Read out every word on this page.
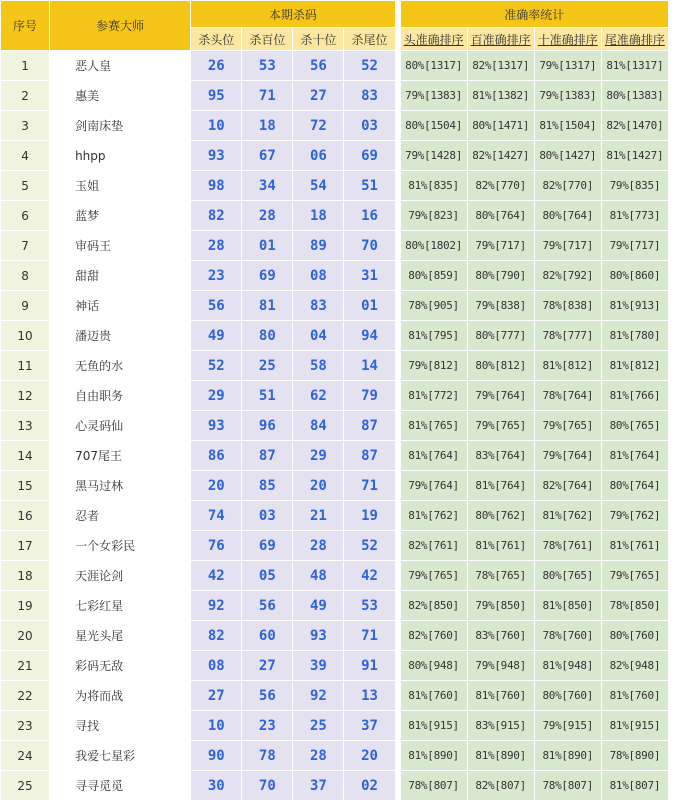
序号	参赛大师	本期杀码					准确率统计				
		杀头位	杀百位	杀十位	杀尾位		头准确排序	百准确排序	十准确排序	尾准确排序	
1	恶人皇	26	53	56	52		80%[1317]	82%[1317]	79%[1317]	81%[1317]	
2	惠美	95	71	27	83		79%[1383]	81%[1382]	79%[1383]	80%[1383]	
3	剑南床垫	10	18	72	03		80%[1504]	80%[1471]	81%[1504]	82%[1470]	
4	hhpp	93	67	06	69		79%[1428]	82%[1427]	80%[1427]	81%[1427]	
5	玉姐	98	34	54	51		81%[835]	82%[770]	82%[770]	79%[835]	
6	蓝梦	82	28	18	16		79%[823]	80%[764]	80%[764]	81%[773]	
7	审码王	28	01	89	70		80%[1802]	79%[717]	79%[717]	79%[717]	
8	甜甜	23	69	08	31		80%[859]	80%[790]	82%[792]	80%[860]	
9	神话	56	81	83	01		78%[905]	79%[838]	78%[838]	81%[913]	
10	潘迈贵	49	80	04	94		81%[795]	80%[777]	78%[777]	81%[780]	
11	无鱼的水	52	25	58	14		79%[812]	80%[812]	81%[812]	81%[812]	
12	自由职务	29	51	62	79		81%[772]	79%[764]	78%[764]	81%[766]	
13	心灵码仙	93	96	84	87		81%[765]	79%[765]	79%[765]	80%[765]	
14	707尾王	86	87	29	87		81%[764]	83%[764]	79%[764]	81%[764]	
15	黑马过林	20	85	20	71		79%[764]	81%[764]	82%[764]	80%[764]	
16	忍者	74	03	21	19		81%[762]	80%[762]	81%[762]	79%[762]	
17	一个女彩民	76	69	28	52		82%[761]	81%[761]	78%[761]	81%[761]	
18	天涯论剑	42	05	48	42		79%[765]	78%[765]	80%[765]	79%[765]	
19	七彩红星	92	56	49	53		82%[850]	79%[850]	81%[850]	78%[850]	
20	星光头尾	82	60	93	71		82%[760]	83%[760]	78%[760]	80%[760]	
21	彩码无敌	08	27	39	91		80%[948]	79%[948]	81%[948]	82%[948]	
22	为将而战	27	56	92	13		81%[760]	81%[760]	80%[760]	81%[760]	
23	寻找	10	23	25	37		81%[915]	83%[915]	79%[915]	81%[915]	
24	我爱七星彩	90	78	28	20		81%[890]	81%[890]	81%[890]	78%[890]	
25	寻寻觅觅	30	70	37	02		78%[807]	82%[807]	78%[807]	81%[807]	
